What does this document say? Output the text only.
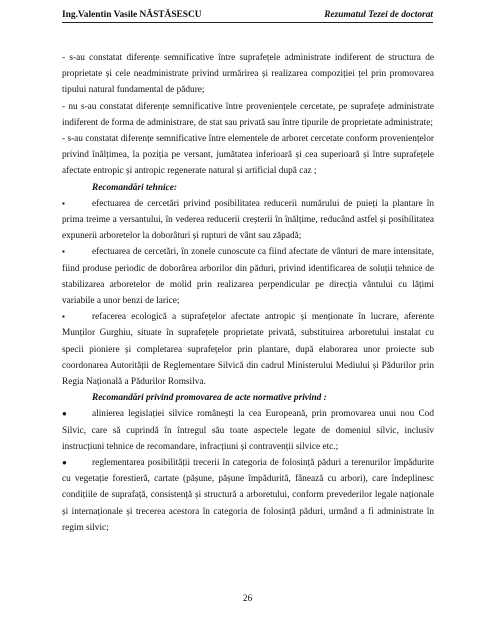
Ing.Valentin Vasile NĂSTĂSESCU	Rezumatul Tezei de doctorat

- s-au constatat diferențe semnificative între suprafețele administrate indiferent de structura de proprietate și cele neadministrate privind urmărirea și realizarea compoziției țel prin promovarea tipului natural fundamental de pădure;

- nu s-au constatat diferențe semnificative între proveniențele cercetate, pe suprafețe administrate indiferent de forma de administrare, de stat sau privată sau între tipurile de proprietate administrate;

- s-au constatat diferențe semnificative între elementele de arboret cercetate conform proveniențelor privind înălțimea, la poziția pe versant, jumătatea inferioară și cea superioară și între suprafețele afectate entropic și antropic regenerate natural și artificial după caz ;

Recomandări tehnice:

▪	efectuarea de cercetări privind posibilitatea reducerii numărului de puieți la plantare în prima treime a versantului, în vederea reducerii creșterii în înălțime, reducând astfel și posibilitatea expunerii arboretelor la doborâturi și rupturi de vânt sau zăpadă;

▪	efectuarea de cercetări, în zonele cunoscute ca fiind afectate de vânturi de mare intensitate, fiind produse periodic de doborârea arborilor din păduri, privind identificarea de soluții tehnice de stabilizarea arboretelor de molid prin realizarea perpendicular pe direcția vântului cu lățimi variabile a unor benzi de larice;

▪	refacerea ecologică a suprafețelor afectate antropic și menționate în lucrare, aferente Munților Gurghiu, situate în suprafețele proprietate privată, substituirea arboretului instalat cu specii pioniere și completarea suprafețelor prin plantare, după elaborarea unor proiecte sub coordonarea Autorității de Reglementare Silvică din cadrul Ministerului Mediului și Pădurilor prin Regia Națională a Pădurilor Romsilva.

Recomandări privind promovarea de acte normative privind :

●	alinierea legislației silvice românești la cea Europeană, prin promovarea unui nou Cod Silvic, care să cuprindă în întregul său toate aspectele legate de domeniul silvic, inclusiv instrucțiuni tehnice de recomandare, infracțiuni și contravenții silvice etc.;

●	reglementarea posibilității trecerii în categoria de folosință păduri a terenurilor împădurite cu vegetație forestieră, cartate (pășune, pășune împădurită, fânează cu arbori), care îndeplinesc condițiile de suprafață, consistență și structură a arboretului, conform prevederilor legale naționale și internaționale și trecerea acestora în categoria de folosință păduri, urmând a fi administrate în regim silvic;

26
